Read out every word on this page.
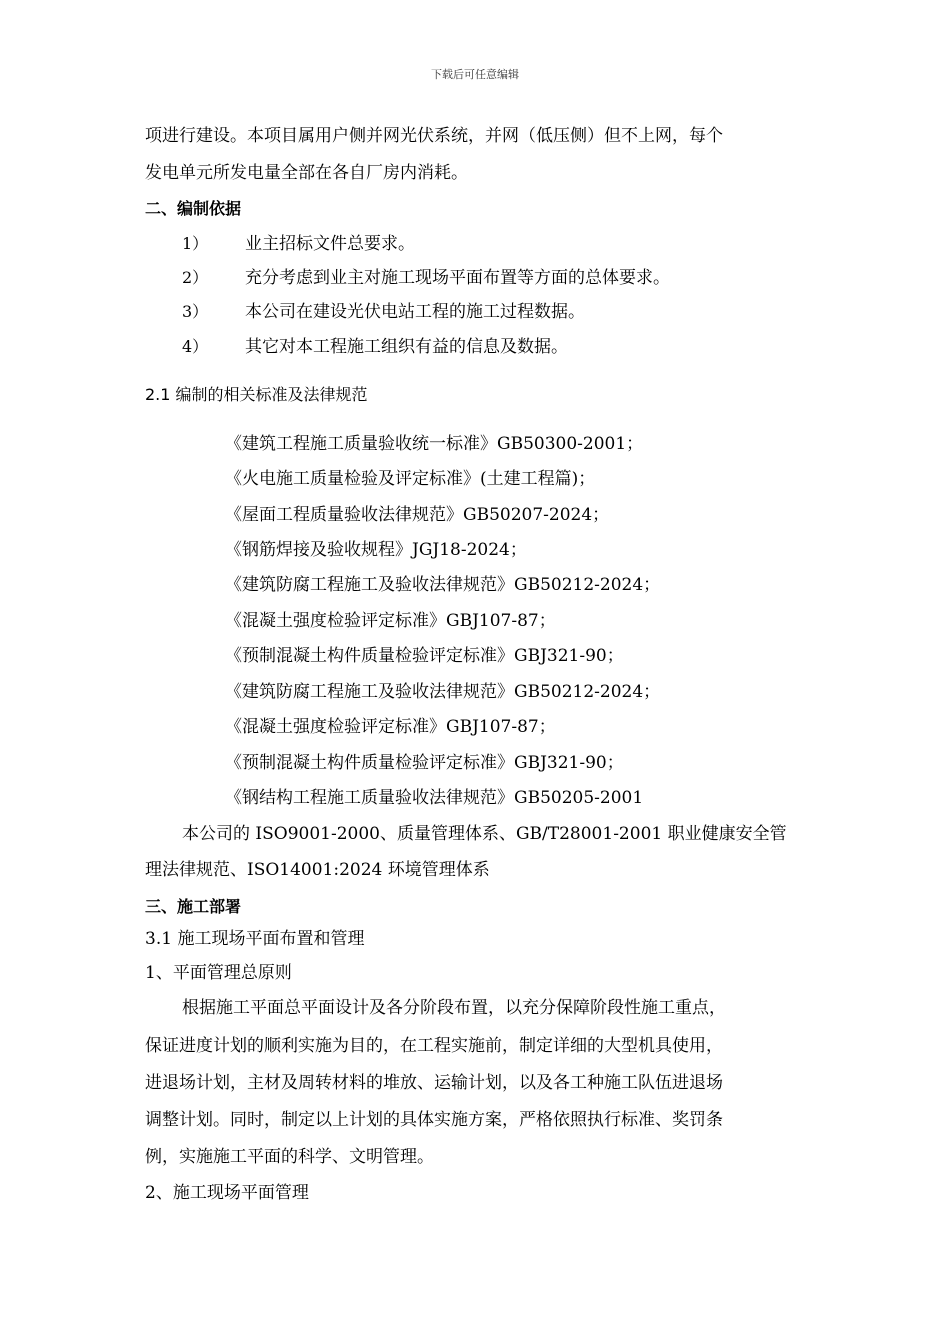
下载后可任意编辑
项进行建设。本项目属用户侧并网光伏系统，并网（低压侧）但不上网，每个
发电单元所发电量全部在各自厂房内消耗。
二、编制依据
1） 业主招标文件总要求。
2） 充分考虑到业主对施工现场平面布置等方面的总体要求。
3） 本公司在建设光伏电站工程的施工过程数据。
4） 其它对本工程施工组织有益的信息及数据。
2.1 编制的相关标准及法律规范
《建筑工程施工质量验收统一标准》GB50300-2001；
《火电施工质量检验及评定标准》(土建工程篇)；
《屋面工程质量验收法律规范》GB50207-2024；
《钢筋焊接及验收规程》JGJ18-2024；
《建筑防腐工程施工及验收法律规范》GB50212-2024；
《混凝土强度检验评定标准》GBJ107-87；
《预制混凝土构件质量检验评定标准》GBJ321-90；
《建筑防腐工程施工及验收法律规范》GB50212-2024；
《混凝土强度检验评定标准》GBJ107-87；
《预制混凝土构件质量检验评定标准》GBJ321-90；
《钢结构工程施工质量验收法律规范》GB50205-2001
本公司的 ISO9001-2000、质量管理体系、GB/T28001-2001 职业健康安全管
理法律规范、ISO14001:2024 环境管理体系
三、施工部署
3.1 施工现场平面布置和管理
1、平面管理总原则
根据施工平面总平面设计及各分阶段布置，以充分保障阶段性施工重点，
保证进度计划的顺利实施为目的，在工程实施前，制定详细的大型机具使用，
进退场计划，主材及周转材料的堆放、运输计划，以及各工种施工队伍进退场
调整计划。同时，制定以上计划的具体实施方案，严格依照执行标准、奖罚条
例，实施施工平面的科学、文明管理。
2、施工现场平面管理
